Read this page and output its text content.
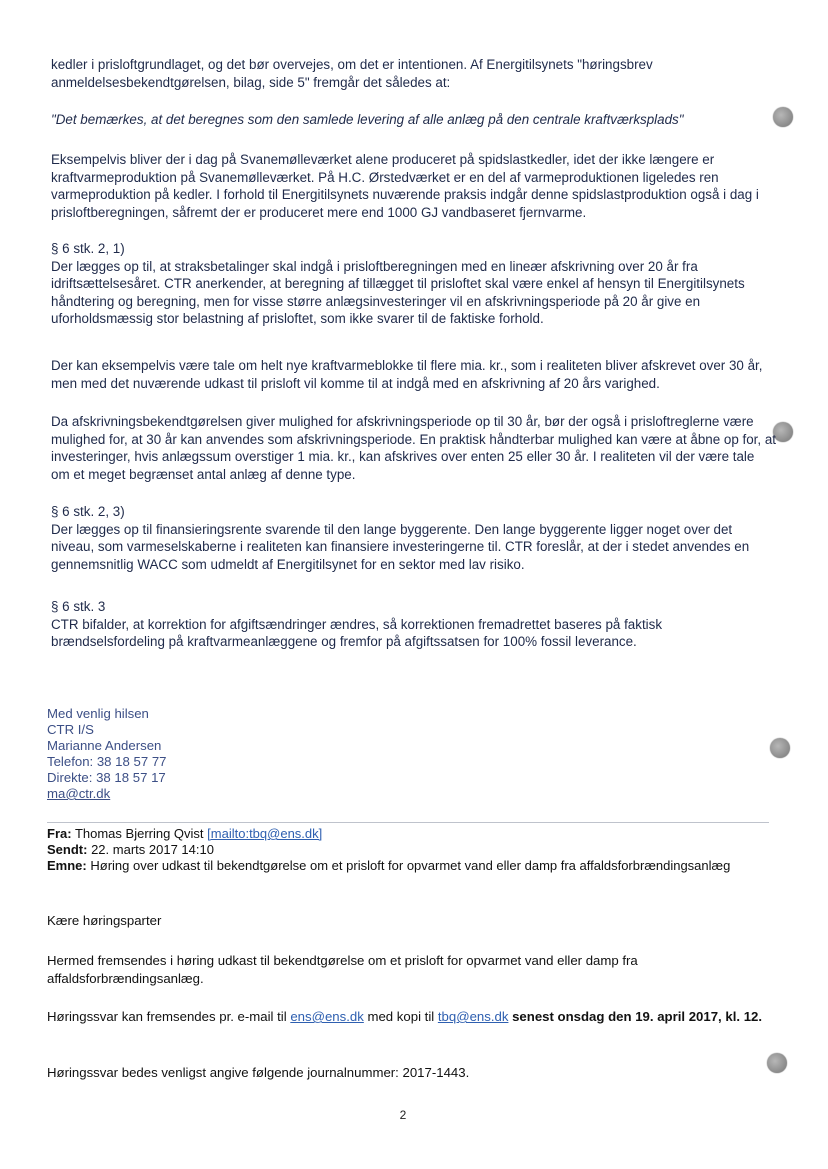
kedler i prisloftgrundlaget, og det bør overvejes, om det er intentionen. Af Energitilsynets "høringsbrev

anmeldelsesbekendtgørelsen, bilag, side 5" fremgår det således at:

"Det bemærkes, at det beregnes som den samlede levering af alle anlæg på den centrale kraftværksplads"
Eksempelvis bliver der i dag på Svanemølleværket alene produceret på spidslastkedler, idet der ikke længere er kraftvarmeproduktion på Svanemølleværket. På H.C. Ørstedværket er en del af varmeproduktionen ligeledes ren varmeproduktion på kedler. I forhold til Energitilsynets nuværende praksis indgår denne spidslastproduktion også i dag i prisloftberegningen, såfremt der er produceret mere end 1000 GJ vandbaseret fjernvarme.

§ 6 stk. 2, 1)

Der lægges op til, at straksbetalinger skal indgå i prisloftberegningen med en lineær afskrivning over 20 år fra idriftsættelsesåret. CTR anerkender, at beregning af tillægget til prisloftet skal være enkel af hensyn til Energitilsynets håndtering og beregning, men for visse større anlægsinvesteringer vil en afskrivningsperiode på 20 år give en uforholdsmæssig stor belastning af prisloftet, som ikke svarer til de faktiske forhold.

Der kan eksempelvis være tale om helt nye kraftvarmeblokke til flere mia. kr., som i realiteten bliver afskrevet over 30 år, men med det nuværende udkast til prisloft vil komme til at indgå med en afskrivning af 20 års varighed.
Da afskrivningsbekendtgørelsen giver mulighed for afskrivningsperiode op til 30 år, bør der også i prisloftreglerne være mulighed for, at 30 år kan anvendes som afskrivningsperiode. En praktisk håndterbar mulighed kan være at åbne op for, at investeringer, hvis anlægssum overstiger 1 mia. kr., kan afskrives over enten 25 eller 30 år. I realiteten vil der være tale om et meget begrænset antal anlæg af denne type.

§ 6 stk. 2, 3)

Der lægges op til finansieringsrente svarende til den lange byggerente. Den lange byggerente ligger noget over det niveau, som varmeselskaberne i realiteten kan finansiere investeringerne til. CTR foreslår, at der i stedet anvendes en gennemsnitlig WACC som udmeldt af Energitilsynet for en sektor med lav risiko.

§ 6 stk. 3

CTR bifalder, at korrektion for afgiftsændringer ændres, så korrektionen fremadrettet baseres på faktisk brændselsfordeling på kraftvarmeanlæggene og fremfor på afgiftssatsen for 100% fossil leverance.

Med venlig hilsen
CTR I/S
Marianne Andersen
Telefon: 38 18 57 77
Direkte: 38 18 57 17
ma@ctr.dk
Fra: Thomas Bjerring Qvist [mailto:tbq@ens.dk]
Sendt: 22. marts 2017 14:10
Emne: Høring over udkast til bekendtgørelse om et prisloft for opvarmet vand eller damp fra affaldsforbrændingsanlæg
Kære høringsparter
Hermed fremsendes i høring udkast til bekendtgørelse om et prisloft for opvarmet vand eller damp fra affaldsforbrændingsanlæg.
Høringssvar kan fremsendes pr. e-mail til ens@ens.dk med kopi til tbq@ens.dk senest onsdag den 19. april 2017, kl. 12.
Høringssvar bedes venligst angive følgende journalnummer: 2017-1443.
2
